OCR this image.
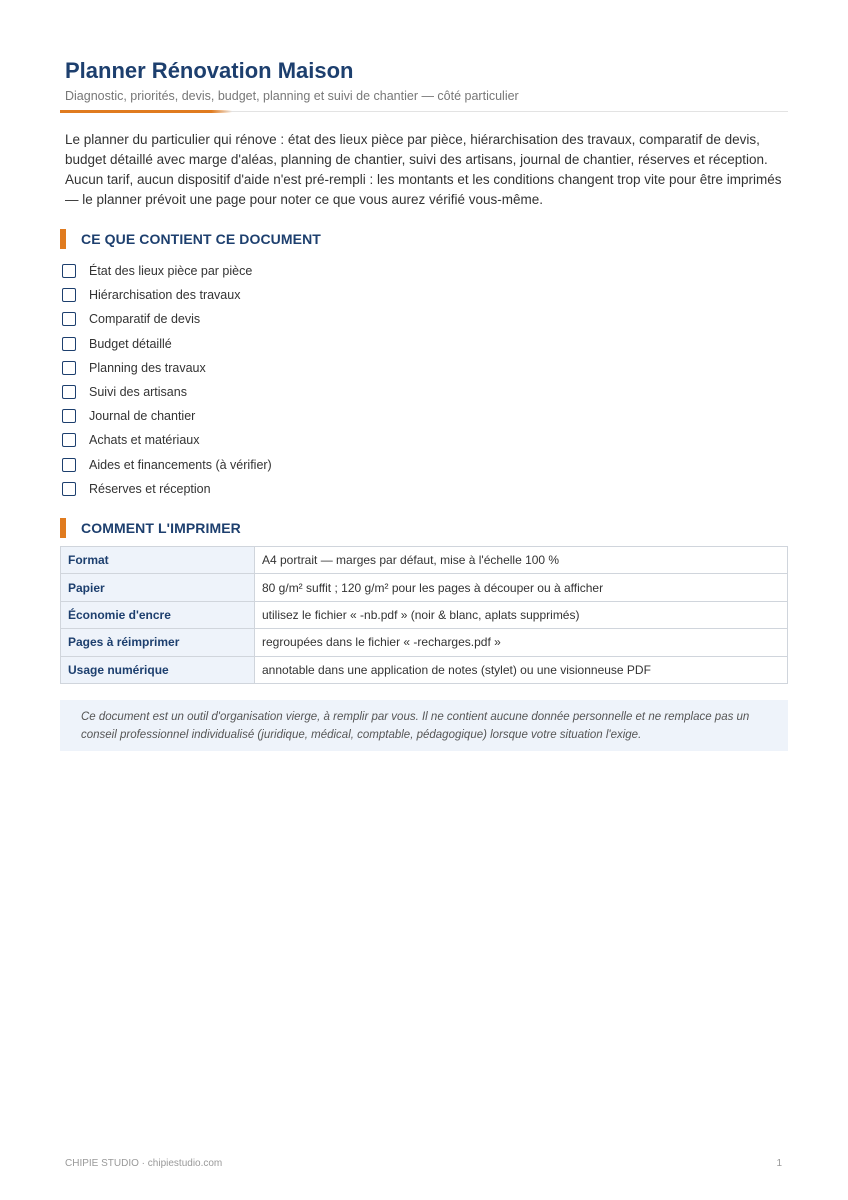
Planner Rénovation Maison
Diagnostic, priorités, devis, budget, planning et suivi de chantier — côté particulier

Le planner du particulier qui rénove : état des lieux pièce par pièce, hiérarchisation des travaux, comparatif de devis, budget détaillé avec marge d'aléas, planning de chantier, suivi des artisans, journal de chantier, réserves et réception. Aucun tarif, aucun dispositif d'aide n'est pré-rempli : les montants et les conditions changent trop vite pour être imprimés — le planner prévoit une page pour noter ce que vous aurez vérifié vous-même.

CE QUE CONTIENT CE DOCUMENT
État des lieux pièce par pièce
Hiérarchisation des travaux
Comparatif de devis
Budget détaillé
Planning des travaux
Suivi des artisans
Journal de chantier
Achats et matériaux
Aides et financements (à vérifier)
Réserves et réception
COMMENT L'IMPRIMER
Format	A4 portrait — marges par défaut, mise à l'échelle 100 %
Papier	80 g/m² suffit ; 120 g/m² pour les pages à découper ou à afficher
Économie d'encre	utilisez le fichier « -nb.pdf » (noir & blanc, aplats supprimés)
Pages à réimprimer	regroupées dans le fichier « -recharges.pdf »
Usage numérique	annotable dans une application de notes (stylet) ou une visionneuse PDF
Ce document est un outil d'organisation vierge, à remplir par vous. Il ne contient aucune donnée personnelle et ne remplace pas un conseil professionnel individualisé (juridique, médical, comptable, pédagogique) lorsque votre situation l'exige.
CHIPIE STUDIO · chipiestudio.com	1
